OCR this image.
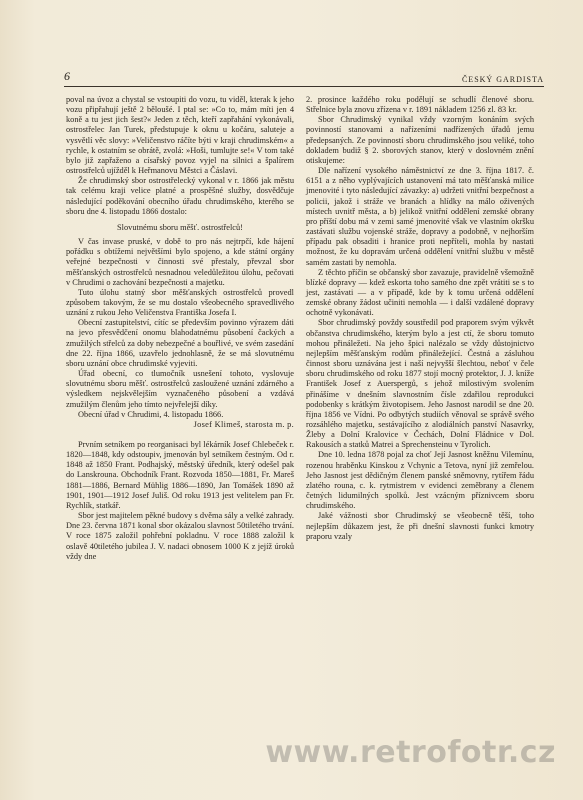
6	ČESKÝ GARDISTA

poval na úvoz a chystal se vstoupiti do vozu, tu viděl, kterak k jeho vozu připřahují ještě 2 běloušé. I ptal se: »Co to, mám míti jen 4 koně a tu jest jich šest?« Jeden z těch, kteří zapřahání vykonávali, ostrostřelec Jan Turek, předstupuje k oknu u kočáru, saluteje a vysvětlí věc slovy: »Veličenstvo ráčíte býti v kraji chrudimském« a rychle, k ostatním se obrátě, zvolá: »Hoši, tumlujte se!« V tom také bylo již zapřaženo a císařský povoz vyjel na silnici a špalírem ostrostřelců ujížděl k Heřmanovu Městci a Čáslavi.

Že chrudimský sbor ostrostřelecký vykonal v r. 1866 jak městu tak celému kraji velice platné a prospěšné služby, dosvědčuje následující poděkování obecního úřadu chrudimského, kterého se sboru dne 4. listopadu 1866 dostalo:

Slovutnému sboru měšť. ostrostřelců!

V čas invase pruské, v době to pro nás nejtrpčí, kde hájení pořádku s obtížemi největšími bylo spojeno, a kde státní orgány veřejné bezpečnosti v činnosti své přestaly, převzal sbor měšťanských ostrostřelců nesnadnou veledůležitou úlohu, pečovati v Chrudimi o zachování bezpečnosti a majetku.

Tuto úlohu statný sbor měšťanských ostrostřelců provedl způsobem takovým, že se mu dostalo všeobecného spravedlivého uznání z rukou Jeho Veličenstva Františka Josefa I.

Obecní zastupitelství, cítíc se především povinno výrazem dáti na jevo přesvědčení onomu blahodatnému působení čackých a zmužilých střelců za doby nebezpečné a bouřlivé, ve svém zasedání dne 22. října 1866, uzavřelo jednohlasně, že se má slovutnému sboru uznání obce chrudimské vyjeviti.

Úřad obecní, co tlumočník usnešení tohoto, vyslovuje slovutnému sboru měšť. ostrostřelců zasloužené uznání zdárného a výsledkem nejskvělejším vyznačeného působení a vzdává zmužilým členům jeho tímto nejvřelejší díky.

Obecní úřad v Chrudimi, 4. listopadu 1866.

Josef Klimeš, starosta m. p.

Prvním setníkem po reorganisaci byl lékárník Josef Chlebeček r. 1820—1848, kdy odstoupiv, jmenován byl setníkem čestným. Od r. 1848 až 1850 Frant. Podhajský, městský úředník, který odešel pak do Lanskrouna. Obchodník Frant. Rozvoda 1850—1881, Fr. Mareš 1881—1886, Bernard Mühlig 1886—1890, Jan Tomášek 1890 až 1901, 1901—1912 Josef Juliš. Od roku 1913 jest velitelem pan Fr. Rychlík, statkář.

Sbor jest majitelem pěkné budovy s dvěma sály a velké zahrady. Dne 23. června 1871 konal sbor okázalou slavnost 50tiletého trvání. V roce 1875 založil pohřební pokladnu. V roce 1888 založil k oslavě 40tiletého jubilea J. V. nadaci obnosem 1000 K z jejíž úroků vždy dne

2. prosince každého roku podělují se schudlí členové sboru. Střelnice byla znovu zřízena v r. 1891 nákladem 1256 zl. 83 kr.

Sbor Chrudimský vynikal vždy vzorným konáním svých povinností stanovami a nařízeními nadřízených úřadů jemu předepsaných. Ze povinností sboru chrudimského jsou veliké, toho dokladem budiž § 2. sborových stanov, který v doslovném znění otiskujeme:

Dle nařízení vysokého náměstnictví ze dne 3. října 1817. č. 6151 a z něho vyplývajících ustanovení má tato měšťanská milice jmenovité i tyto následující závazky: a) udržeti vnitřní bezpečnost a policii, jakož i stráže ve branách a hlídky na málo oživených místech uvnitř města, a b) jelikož vnitřní oddělení zemské obrany pro příští dobu má v zemi samé jmenovité však ve vlastním okršku zastávati službu vojenské stráže, dopravy a podobně, v nejhorším případu pak obsaditi i hranice proti nepříteli, mohla by nastati možnost, že ku dopravám určená oddělení vnitřní službu v městě samém zastati by nemohla.

Z těchto příčin se občanský sbor zavazuje, pravidelně všemožně blízké dopravy — kdež eskorta toho samého dne zpět vrátiti se s to jest, zastávati — a v případě, kde by k tomu určená oddělení zemské obrany žádost učiniti nemohla — i další vzdálené dopravy ochotně vykonávati.

Sbor chrudimský povždy soustředil pod praporem svým výkvět občanstva chrudimského, kterým bylo a jest ctí, že sboru tomuto mohou přináležeti. Na jeho špici nalézalo se vždy důstojnictvo nejlepším měšťanským rodům přináležející. Čestná a zásluhou činnost sboru uznávána jest i naší nejvyšší šlechtou, neboť v čele sboru chrudimského od roku 1877 stojí mocný protektor, J. J. kníže František Josef z Auerspergů, s jehož milostivým svolením přinášíme v dnešním slavnostním čísle zdařilou reprodukci podobenky s krátkým životopisem. Jeho Jasnost narodil se dne 20. října 1856 ve Vídni. Po odbytých studiích věnoval se správě svého rozsáhlého majetku, sestávajícího z alodiálních panství Nasavrky, Žleby a Dolní Kralovice v Čechách, Dolní Fládnice v Dol. Rakousích a statků Matrei a Sprechensteinu v Tyrolich.

Dne 10. ledna 1878 pojal za choť Její Jasnost kněžnu Vilemínu, rozenou hraběnku Kinskou z Vchynic a Tetova, nyní již zemřelou. Jeho Jasnost jest dědičným členem panské sněmovny, rytířem řádu zlatého rouna, c. k. rytmistrem v evidenci zeměbrany a členem četných lidumilných spolků. Jest vzácným příznivcem sboru chrudimského.

Jaké vážnosti sbor Chrudimský se všeobecně těší, toho nejlepším důkazem jest, že při dnešní slavnosti funkci kmotry praporu vzaly

www.retrofotr.cz
